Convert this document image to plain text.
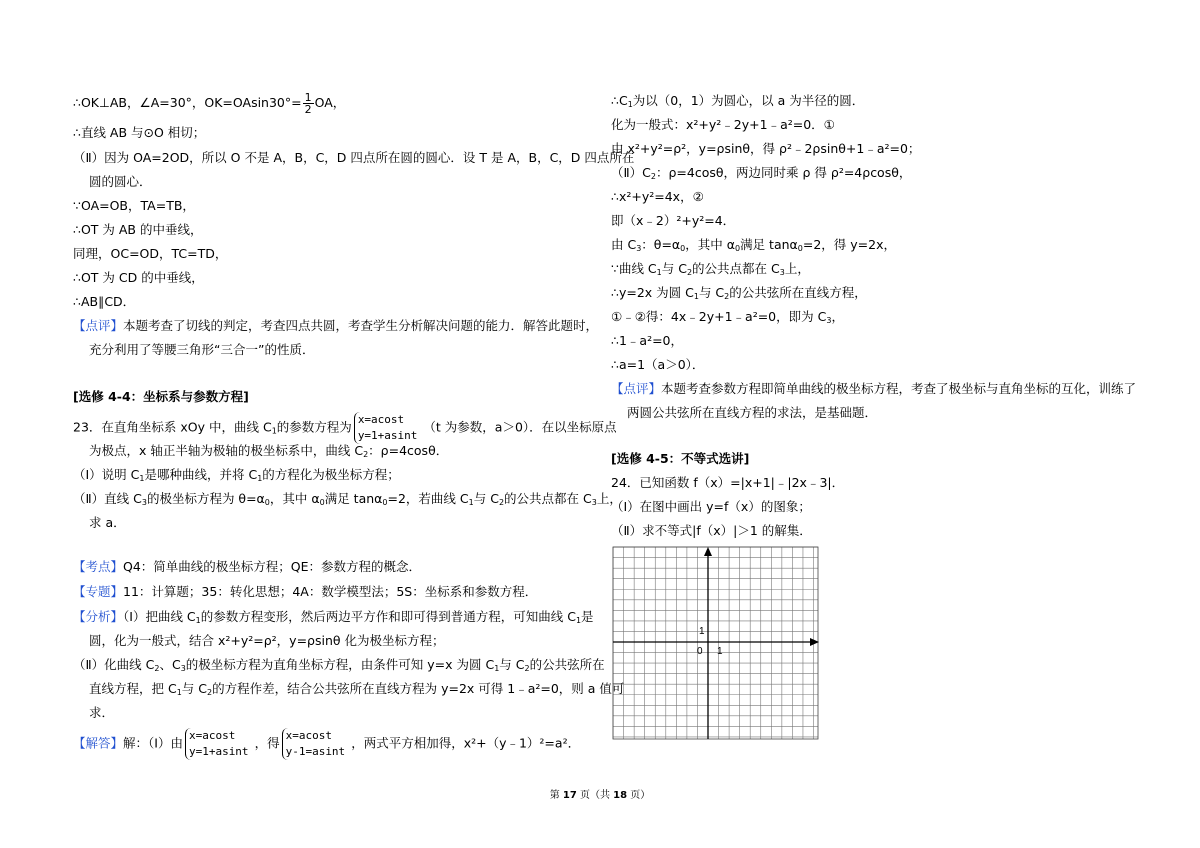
∴OK⊥AB，∠A=30°，$OK=OAsin30^\circ= \frac{1}{2}$ OA，
∴直线 AB 与⊙O 相切；
（Ⅱ）因为 OA=2OD，所以 O 不是 A，B，C，D 四点所在圆的圆心．设 T 是 A，B，C，D 四点所在
圆的圆心．
∵OA=OB，TA=TB，
∴OT 为 AB 的中垂线，
同理，OC=OD，TC=TD，
∴OT 为 CD 的中垂线，
∴AB∥CD．
【点评】本题考查了切线的判定，考查四点共圆，考查学生分析解决问题的能力．解答此题时，
充分利用了等腰三角形“三合一”的性质．
[选修 4-4：坐标系与参数方程]
23．在直角坐标系 xOy 中，曲线 $C_1$的参数方程为 x=acost
y=1+asint
（t 为参数，a＞0）．在以坐标原点
为极点，x 轴正半轴为极轴的极坐标系中，曲线 $C_2$：ρ=4cosθ．
（Ⅰ）说明 $C_1$是哪种曲线，并将 $C_1$的方程化为极坐标方程；
（Ⅱ）直线 $C_3$的极坐标方程为 $\theta=\alpha_0$，其中 $\alpha_0$满足 tanα$_0$=2，若曲线 $C_1$与 $C_2$的公共点都在 $C_3$上，
求 a．
【考点】Q4：简单曲线的极坐标方程；QE：参数方程的概念．
【专题】11：计算题；35：转化思想；4A：数学模型法；5S：坐标系和参数方程．
【分析】（Ⅰ）把曲线 $C_1$的参数方程变形，然后两边平方作和即可得到普通方程，可知曲线 $C_1$是
圆，化为一般式，结合 x²+y²=ρ²，y=ρsinθ 化为极坐标方程；
（Ⅱ）化曲线 $C_2$、$C_3$的极坐标方程为直角坐标方程，由条件可知 y=x 为圆 $C_1$与 $C_2$的公共弦所在
直线方程，把 $C_1$与 $C_2$的方程作差，结合公共弦所在直线方程为 y=2x 可得 1﹣a²=0，则 a 值可
求．
【解答】解：（Ⅰ）由 x=acost
y=1+asint
，得 x=acost
y-1=asint
，两式平方相加得，x²+（y﹣1）²=a²．
$\therefore C_1$为以（0，1）为圆心，以 a 为半径的圆．
化为一般式：x²+y²﹣2y+1﹣a²=0．①
由 x²+y²=ρ²，y=ρsinθ，得 ρ²﹣2ρsinθ+1﹣a²=0；
$(Ⅱ)C_2$：ρ=4cosθ，两边同时乘 ρ 得 ρ²=4ρcosθ，
∴x²+y²=4x，②
即（x﹣2）²+y²=4．
由 $C_3$：$\theta=\alpha_0$，其中 $\alpha_0$满足 tanα$_0$=2，得 y=2x，
∵曲线 $C_1$与 $C_2$的公共点都在 $C_3$上，
∴y=2x 为圆 $C_1$与 $C_2$的公共弦所在直线方程，
①﹣②得：4x﹣2y+1﹣a²=0，即为 $C_3$，
∴1﹣a²=0，
∴a=1（a＞0）．
【点评】本题考查参数方程即简单曲线的极坐标方程，考查了极坐标与直角坐标的互化，训练了
两圆公共弦所在直线方程的求法，是基础题．
[选修 4-5：不等式选讲]
24．已知函数 f（x）=|x+1|﹣|2x﹣3|．
（Ⅰ）在图中画出 y=f（x）的图象；
（Ⅱ）求不等式|f（x）|＞1 的解集．
1
0 1
第 17 页（共 18 页）
